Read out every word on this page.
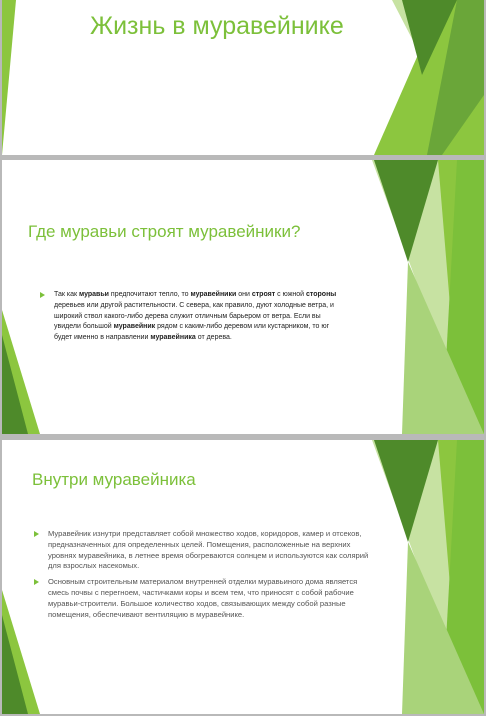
Жизнь в муравейнике
Где муравьи строят муравейники?
Так как муравьи предпочитают тепло, то муравейники они строят с южной стороны деревьев или другой растительности. С севера, как правило, дуют холодные ветра, и широкий ствол какого-либо дерева служит отличным барьером от ветра. Если вы увидели большой муравейник рядом с каким-либо деревом или кустарником, то юг будет именно в направлении муравейника от дерева.
Внутри муравейника
Муравейник изнутри представляет собой множество ходов, коридоров, камер и отсеков, предназначенных для определенных целей. Помещения, расположенные на верхних уровнях муравейника, в летнее время обогреваются солнцем и используются как солярий для взрослых насекомых.
Основным строительным материалом внутренней отделки муравьиного дома является смесь почвы с перегноем, частичками коры и всем тем, что приносят с собой рабочие муравьи-строители. Большое количество ходов, связывающих между собой разные помещения, обеспечивают вентиляцию в муравейнике.
